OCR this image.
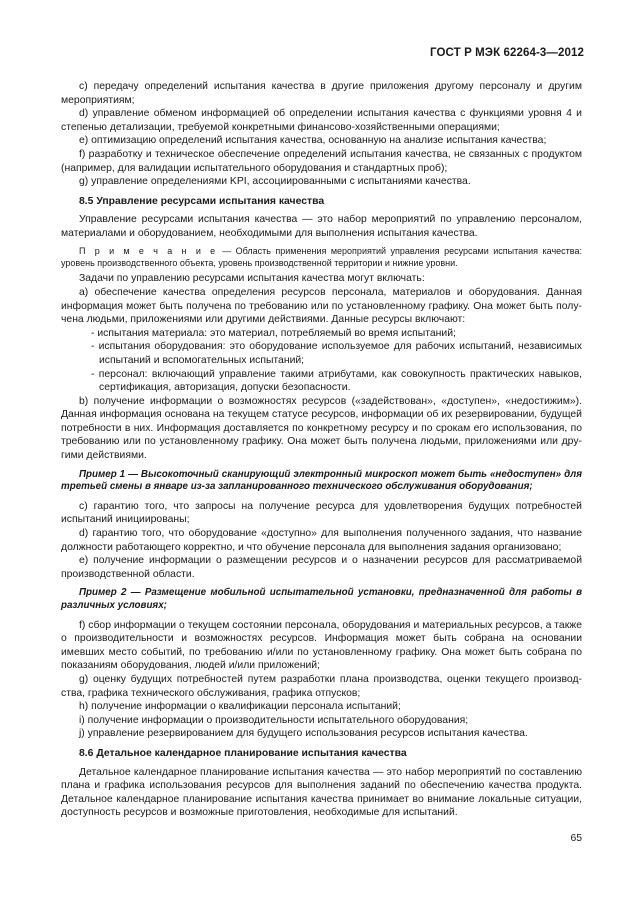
ГОСТ Р МЭК 62264-3—2012

c) передачу определений испытания качества в другие приложения другому персоналу и другим мероприятиям;

d) управление обменом информацией об определении испытания качества с функциями уровня 4 и степенью детализации, требуемой конкретными финансово-хозяйственными операциями;

e) оптимизацию определений испытания качества, основанную на анализе испытания качества;

f) разработку и техническое обеспечение определений испытания качества, не связанных с продуктом (например, для валидации испытательного оборудования и стандартных проб);

g) управление определениями KPI, ассоциированными с испытаниями качества.

8.5 Управление ресурсами испытания качества

Управление ресурсами испытания качества — это набор мероприятий по управлению персоналом, материалами и оборудованием, необходимыми для выполнения испытания качества.

П р и м е ч а н и е — Область применения мероприятий управления ресурсами испытания качества: уровень производственного объекта, уровень производственной территории и нижние уровни.

Задачи по управлению ресурсами испытания качества могут включать:

а) обеспечение качества определения ресурсов персонала, материалов и оборудования. Данная информация может быть получена по требованию или по установленному графику. Она может быть получена людьми, приложениями или другими действиями. Данные ресурсы включают:

- испытания материала: это материал, потребляемый во время испытаний;
- испытания оборудования: это оборудование используемое для рабочих испытаний, независимых испытаний и вспомогательных испытаний;
- персонал: включающий управление такими атрибутами, как совокупность практических навыков, сертификация, авторизация, допуски безопасности.

b) получение информации о возможностях ресурсов («задействован», «доступен», «недостижим»). Данная информация основана на текущем статусе ресурсов, информации об их резервировании, будущей потребности в них. Информация доставляется по конкретному ресурсу и по срокам его использования, по требованию или по установленному графику. Она может быть получена людьми, приложениями или другими действиями.

Пример 1 — Высокоточный сканирующий электронный микроскоп может быть «недоступен» для третьей смены в январе из-за запланированного технического обслуживания оборудования;

c) гарантию того, что запросы на получение ресурса для удовлетворения будущих потребностей испытаний инициированы;

d) гарантию того, что оборудование «доступно» для выполнения полученного задания, что название должности работающего корректно, и что обучение персонала для выполнения задания организовано;

e) получение информации о размещении ресурсов и о назначении ресурсов для рассматриваемой производственной области.

Пример 2 — Размещение мобильной испытательной установки, предназначенной для работы в различных условиях;

f) сбор информации о текущем состоянии персонала, оборудования и материальных ресурсов, а также о производительности и возможностях ресурсов. Информация может быть собрана на основании имевших место событий, по требованию и/или по установленному графику. Она может быть собрана по показаниям оборудования, людей и/или приложений;

g) оценку будущих потребностей путем разработки плана производства, оценки текущего производства, графика технического обслуживания, графика отпусков;

h) получение информации о квалификации персонала испытаний;

i) получение информации о производительности испытательного оборудования;

j) управление резервированием для будущего использования ресурсов испытания качества.

8.6 Детальное календарное планирование испытания качества

Детальное календарное планирование испытания качества — это набор мероприятий по составлению плана и графика использования ресурсов для выполнения заданий по обеспечению качества продукта. Детальное календарное планирование испытания качества принимает во внимание локальные ситуации, доступность ресурсов и возможные приготовления, необходимые для испытаний.

65
